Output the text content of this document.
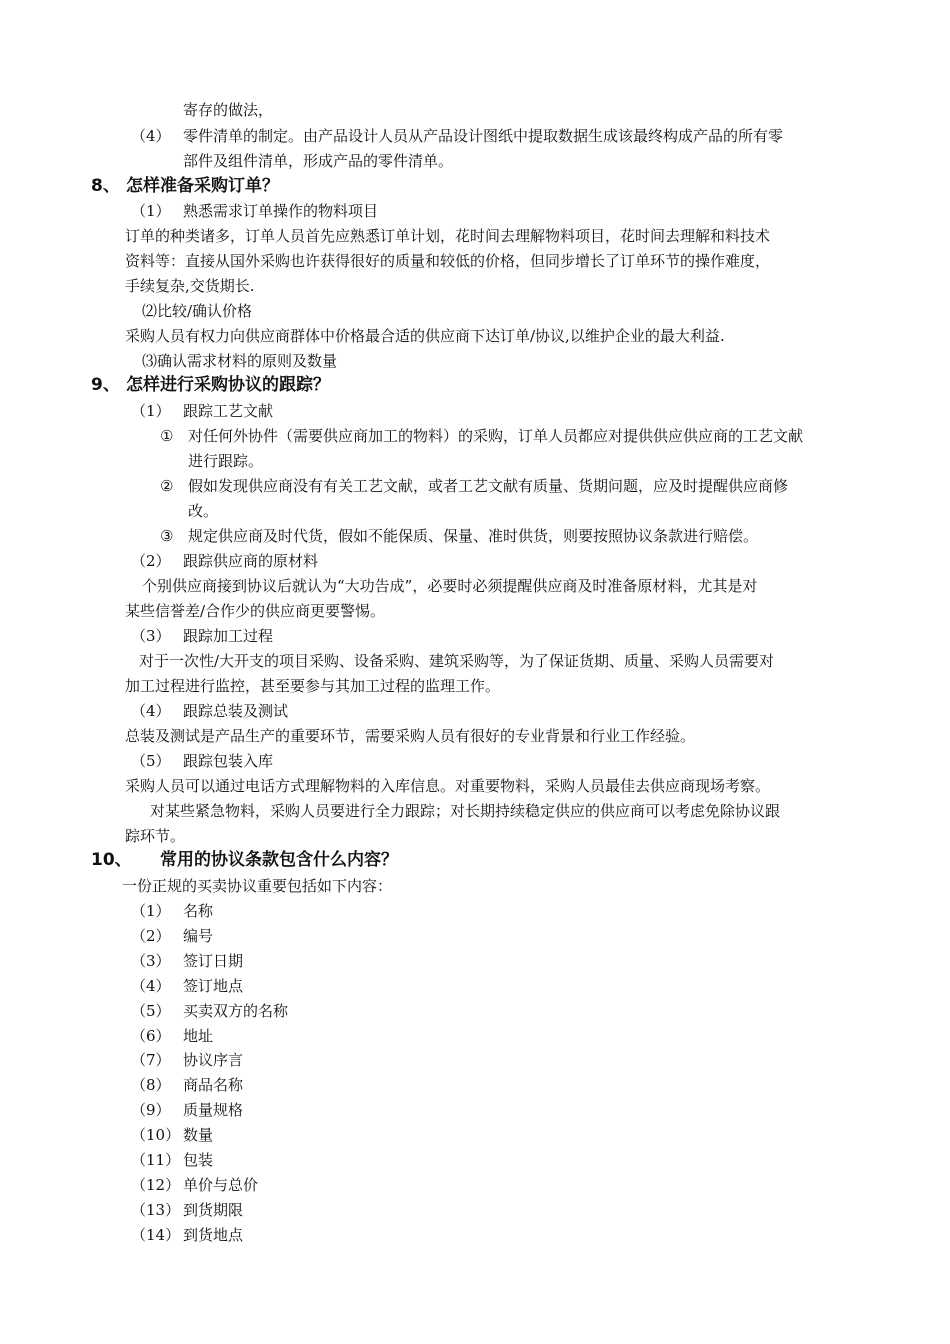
寄存的做法，
（4） 零件清单的制定。由产品设计人员从产品设计图纸中提取数据生成该最终构成产品的所有零
部件及组件清单，形成产品的零件清单。
8、 怎样准备采购订单？
（1） 熟悉需求订单操作的物料项目
订单的种类诸多，订单人员首先应熟悉订单计划，花时间去理解物料项目，花时间去理解和料技术
资料等：直接从国外采购也许获得很好的质量和较低的价格，但同步增长了订单环节的操作难度，
手续复杂,交货期长.
⑵比较/确认价格
采购人员有权力向供应商群体中价格最合适的供应商下达订单/协议,以维护企业的最大利益.
⑶确认需求材料的原则及数量
9、 怎样进行采购协议的跟踪？
（1） 跟踪工艺文献
① 对任何外协件（需要供应商加工的物料）的采购，订单人员都应对提供供应供应商的工艺文献
进行跟踪。
② 假如发现供应商没有有关工艺文献，或者工艺文献有质量、货期问题，应及时提醒供应商修
改。
③ 规定供应商及时代货，假如不能保质、保量、准时供货，则要按照协议条款进行赔偿。
（2） 跟踪供应商的原材料
个别供应商接到协议后就认为“大功告成”，必要时必须提醒供应商及时准备原材料，尤其是对
某些信誉差/合作少的供应商更要警惕。
（3） 跟踪加工过程
对于一次性/大开支的项目采购、设备采购、建筑采购等，为了保证货期、质量、采购人员需要对
加工过程进行监控，甚至要参与其加工过程的监理工作。
（4） 跟踪总装及测试
总装及测试是产品生产的重要环节，需要采购人员有很好的专业背景和行业工作经验。
（5） 跟踪包装入库
采购人员可以通过电话方式理解物料的入库信息。对重要物料，采购人员最佳去供应商现场考察。
对某些紧急物料，采购人员要进行全力跟踪；对长期持续稳定供应的供应商可以考虑免除协议跟
踪环节。
10、 常用的协议条款包含什么内容？
一份正规的买卖协议重要包括如下内容：
（1） 名称
（2） 编号
（3） 签订日期
（4） 签订地点
（5） 买卖双方的名称
（6） 地址
（7） 协议序言
（8） 商品名称
（9） 质量规格
（10） 数量
（11） 包装
（12） 单价与总价
（13） 到货期限
（14） 到货地点
